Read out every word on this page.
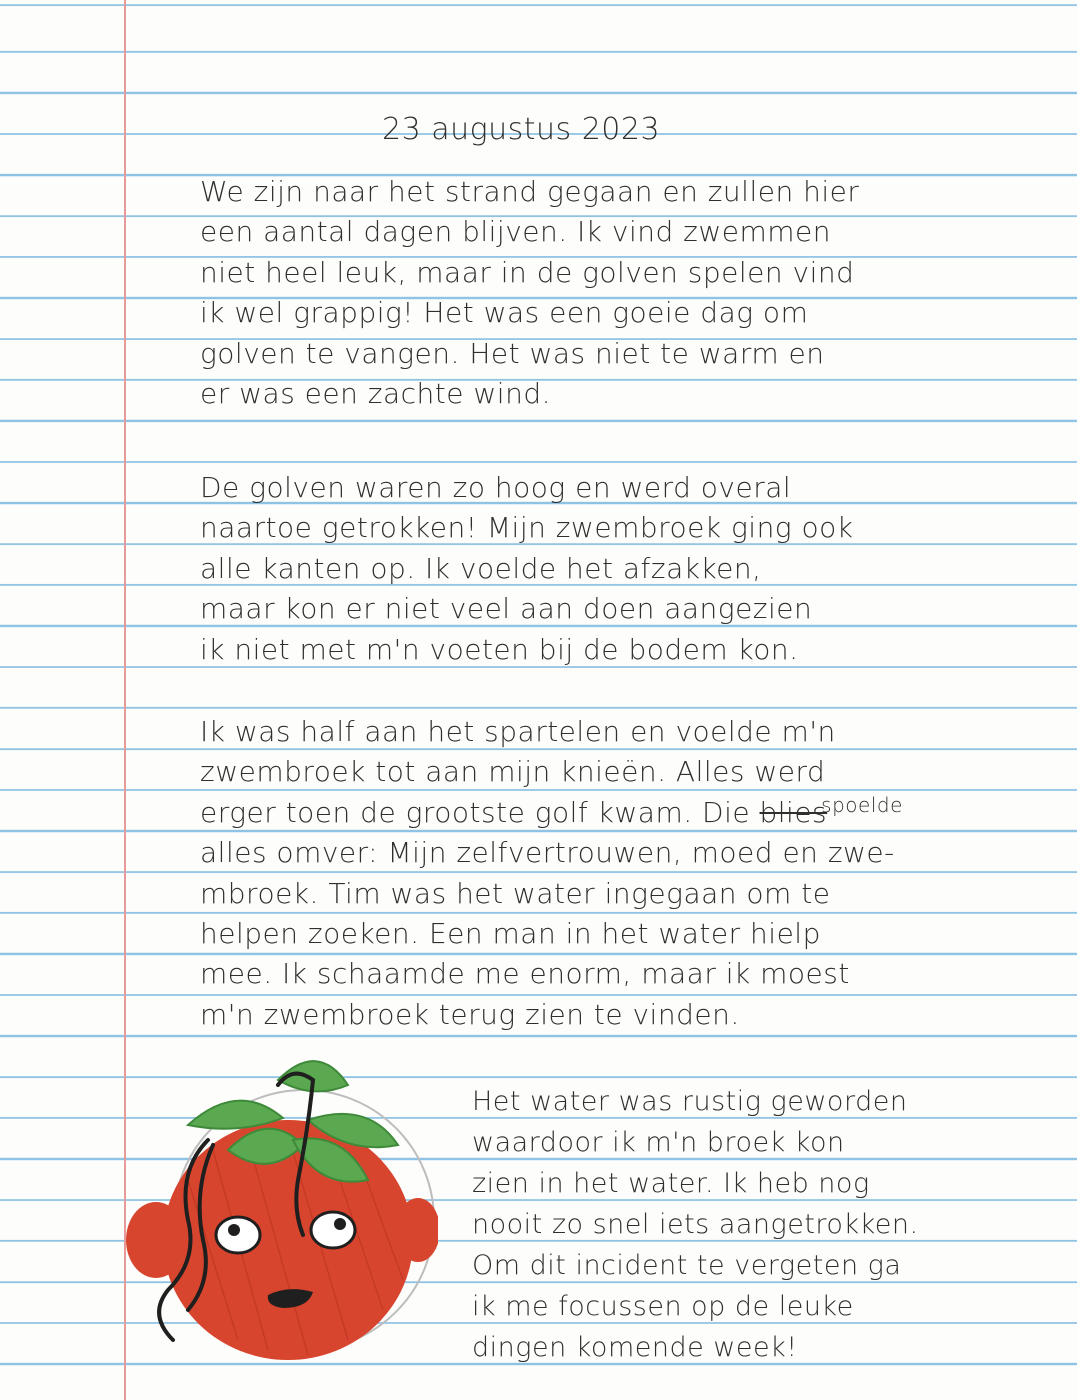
23 augustus 2023
We zijn naar het strand gegaan en zullen hier
een aantal dagen blijven. Ik vind zwemmen
niet heel leuk, maar in de golven spelen vind
ik wel grappig! Het was een goeie dag om
golven te vangen. Het was niet te warm en
er was een zachte wind.
De golven waren zo hoog en werd overal
naartoe getrokken! Mijn zwembroek ging ook
alle kanten op. Ik voelde het afzakken,
maar kon er niet veel aan doen aangezien
ik niet met m'n voeten bij de bodem kon.
Ik was half aan het spartelen en voelde m'n
zwembroek tot aan mijn knieën. Alles werd
erger toen de grootste golf kwam. Die blies$^{spoelde}$
alles omver: Mijn zelfvertrouwen, moed en zwe-
mbroek. Tim was het water ingegaan om te
helpen zoeken. Een man in het water hielp
mee. Ik schaamde me enorm, maar ik moest
m'n zwembroek terug zien te vinden.
Het water was rustig geworden
waardoor ik m'n broek kon
zien in het water. Ik heb nog
nooit zo snel iets aangetrokken.
Om dit incident te vergeten ga
ik me focussen op de leuke
dingen komende week!
